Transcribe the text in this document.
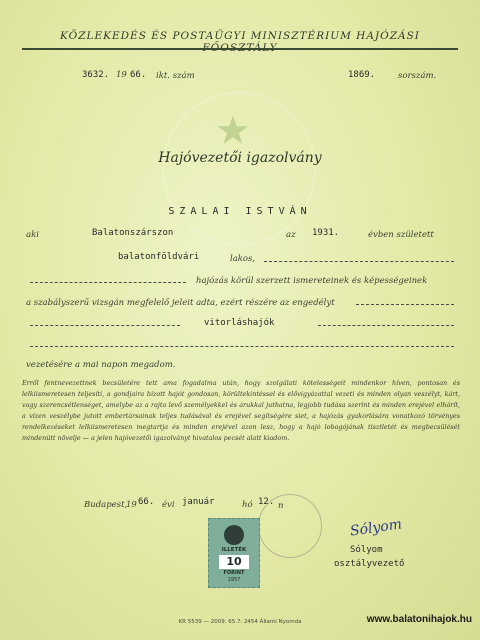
★
KÖZLEKEDÉS ÉS POSTAÜGYI MINISZTÉRIUM HAJÓZÁSI FŐOSZTÁLY
3632. 19 66. ikt. szám	1869.	sorszám.
Hajóvezetői igazolvány
SZALAI ISTVÁN
aki	Balatonszárszon	az 1931.	évben született
balatonföldvári	lakos,
hajózás körül szerzett ismereteinek és képességeinek
a szabályszerű vizsgán megfelelő jeleit adta, ezért részére az engedélyt
vitorláshajók
vezetésére a mai napon megadom.
Erről fentnevezettnek becsületére tett ama fogadalma után, hogy szolgálati kötelességeit mindenkor híven, pontosan és lelkiismeretesen teljesíti, a gondjaira bízott hajót gondosan, körültekintéssel és elővigyázattal vezeti és minden olyan veszélyt, kárt, vagy szerencsétlenséget, amelybe az a rajta levő személyekkel és árukkal juthatna, legjobb tudása szerint és minden erejével elhárít, a vízen veszélybe jutott embertársainak teljes tudásával és erejével segítségére siet, a hajózás gyakorlására vonatkozó törvényes rendelkezéseket lelkiismeretesen megtartja és minden erejével azon lesz, hogy a hajó lobogójának tisztletét és megbecsülését mindenütt növelje — a jelen hajóvezetői igazolványt hivatalos pecsét alatt kiadom.
Budapest,
19 66. évi január	hó 12. n
ILLETÉK
10
FORINT
1957
Sólyom
Sólyom
osztályvezető
KR 5539 — 2009. 65.7. 2454 Állami Nyomda	www.balatonihajok.hu
